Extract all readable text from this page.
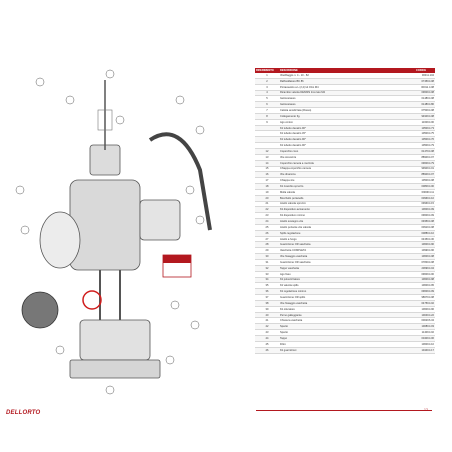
RIFERIMENTO	DESCRIZIONE	CODICE
1	Vite/Raggio n. 4 - 10 - 82	00011.104
2	Raffreddatore BK 86	0745K4.08
3	Portacavetto a L (2,4) kit Ozio M4	00011.4.08
4	Ricambio valvola DENNIS Inox lato M4	0960K4.08
5	Gettonetasso	0148K4.08
6	Gettonetasso	0148K4.80
7	Calotta anodizzata (Rosso)	0750K4.08
8	Collegamento fig.	9490K4.08
9	Ago conico	1160K4.00
	Kit tubetto decalco 90°	1050K4.73
	Kit tubetto decalco 45°	1050K4.75
	Kit tubetto decalco 90°	1050K4.76
	Kit tubetto decalco 90°	1050K4.79
12	Coperchio cono	0147K4.08
13	Vite sicurezza	8890K4.07
14	Coperchio camera a mezzola	0960K4.79
15	Chiappa coperchio camera	9990K4.01
16	Vite dinamica	8890K4.07
17	Chiappa vite	1050K4.08
18	Kit ricambio spruzzo	0080K4.00
19	Molla valvola	0960K4.11
20	Bocchello portanello	0096K4.10
21	Anello valvola spruzzo	0996K4.15
22	Kit dispositivo avviamento	1060K4.09
23	Kit dispositivo minimo	0960K4.09
24	Anello sostegno vite	0935K4.08
25	Anello portante vite valvola	0091K4.08
26	Spillo regolazione	0088K4.10
27	Anello a fungo	0435K4.30
28	Guarnizione OR vaschetta	1060K4.90
29	Vaschetta COMPLETA	1099K4.96
30	Vite fissaggio vaschetta	1060K4.08
31	Guarnizione OR vaschetta	0784K4.08
32	Tappo vaschetta	2069K4.04
33	Ago fisso	0960K4.00
34	Kit polverizzatore	1060K4.98
35	Kit valvola spillo	1060K4.95
36	Kit regolazione minimo	0960K4.09
37	Guarnizione OR spillo	9867K4.08
38	Vite fissaggio vaschetta	0475K4.02
39	Kit otturatore	1060K4.96
40	Perno galleggiante	1004K4.22
41	Chiusura vaschetta	0002K6.34
42	Spazio	1008K4.03
43	Spazio	1140K4.02
44	Tappo	0040K4.06
45	Filtro	1060K4.10
46	Kit guarnizioni	1044K4.17
DELLORTO	12
